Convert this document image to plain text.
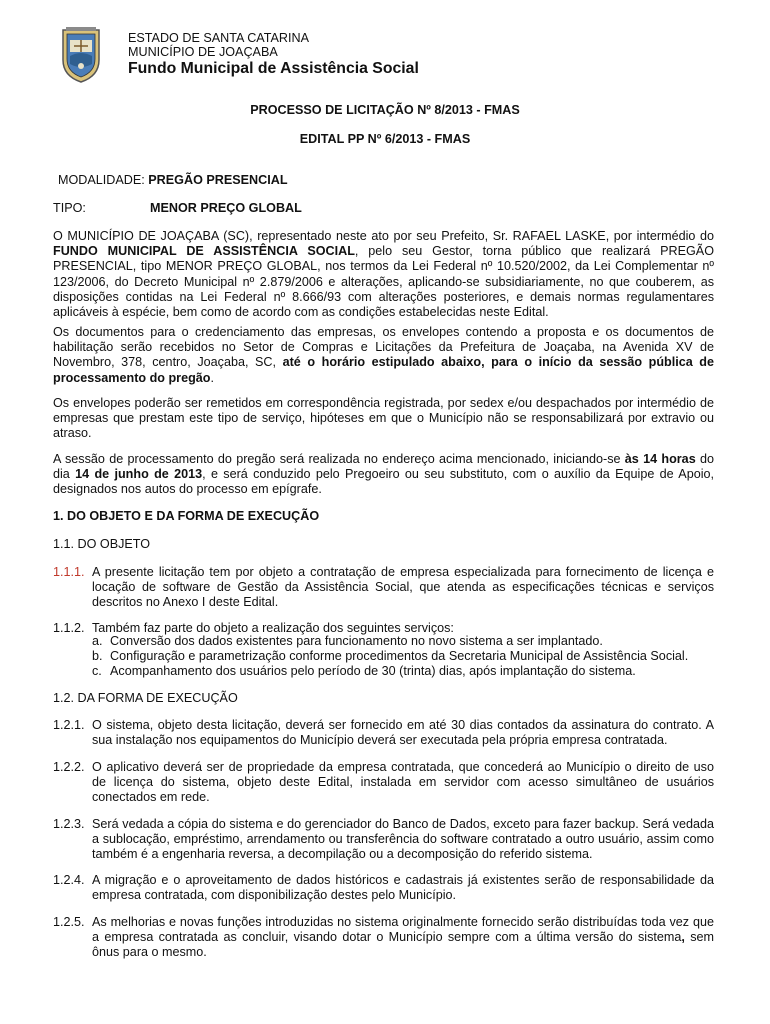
ESTADO DE SANTA CATARINA
MUNICÍPIO DE JOAÇABA
Fundo Municipal de Assistência Social
PROCESSO DE LICITAÇÃO Nº 8/2013 - FMAS
EDITAL PP Nº 6/2013 - FMAS
MODALIDADE: PREGÃO PRESENCIAL
TIPO:	MENOR PREÇO GLOBAL
O MUNICÍPIO DE JOAÇABA (SC), representado neste ato por seu Prefeito, Sr. RAFAEL LASKE, por intermédio do FUNDO MUNICIPAL DE ASSISTÊNCIA SOCIAL, pelo seu Gestor, torna público que realizará PREGÃO PRESENCIAL, tipo MENOR PREÇO GLOBAL, nos termos da Lei Federal nº 10.520/2002, da Lei Complementar nº 123/2006, do Decreto Municipal nº 2.879/2006 e alterações, aplicando-se subsidiariamente, no que couberem, as disposições contidas na Lei Federal nº 8.666/93 com alterações posteriores, e demais normas regulamentares aplicáveis à espécie, bem como de acordo com as condições estabelecidas neste Edital.
Os documentos para o credenciamento das empresas, os envelopes contendo a proposta e os documentos de habilitação serão recebidos no Setor de Compras e Licitações da Prefeitura de Joaçaba, na Avenida XV de Novembro, 378, centro, Joaçaba, SC, até o horário estipulado abaixo, para o início da sessão pública de processamento do pregão.
Os envelopes poderão ser remetidos em correspondência registrada, por sedex e/ou despachados por intermédio de empresas que prestam este tipo de serviço, hipóteses em que o Município não se responsabilizará por extravio ou atraso.
A sessão de processamento do pregão será realizada no endereço acima mencionado, iniciando-se às 14 horas do dia 14 de junho de 2013, e será conduzido pelo Pregoeiro ou seu substituto, com o auxílio da Equipe de Apoio, designados nos autos do processo em epígrafe.
1. DO OBJETO E DA FORMA DE EXECUÇÃO
1.1. DO OBJETO
1.1.1. A presente licitação tem por objeto a contratação de empresa especializada para fornecimento de licença e locação de software de Gestão da Assistência Social, que atenda as especificações técnicas e serviços descritos no Anexo I deste Edital.
1.1.2. Também faz parte do objeto a realização dos seguintes serviços:
a. Conversão dos dados existentes para funcionamento no novo sistema a ser implantado.
b. Configuração e parametrização conforme procedimentos da Secretaria Municipal de Assistência Social.
c. Acompanhamento dos usuários pelo período de 30 (trinta) dias, após implantação do sistema.
1.2. DA FORMA DE EXECUÇÃO
1.2.1. O sistema, objeto desta licitação, deverá ser fornecido em até 30 dias contados da assinatura do contrato. A sua instalação nos equipamentos do Município deverá ser executada pela própria empresa contratada.
1.2.2. O aplicativo deverá ser de propriedade da empresa contratada, que concederá ao Município o direito de uso de licença do sistema, objeto deste Edital, instalada em servidor com acesso simultâneo de usuários conectados em rede.
1.2.3. Será vedada a cópia do sistema e do gerenciador do Banco de Dados, exceto para fazer backup. Será vedada a sublocação, empréstimo, arrendamento ou transferência do software contratado a outro usuário, assim como também é a engenharia reversa, a decompilação ou a decomposição do referido sistema.
1.2.4. A migração e o aproveitamento de dados históricos e cadastrais já existentes serão de responsabilidade da empresa contratada, com disponibilização destes pelo Município.
1.2.5. As melhorias e novas funções introduzidas no sistema originalmente fornecido serão distribuídas toda vez que a empresa contratada as concluir, visando dotar o Município sempre com a última versão do sistema, sem ônus para o mesmo.
